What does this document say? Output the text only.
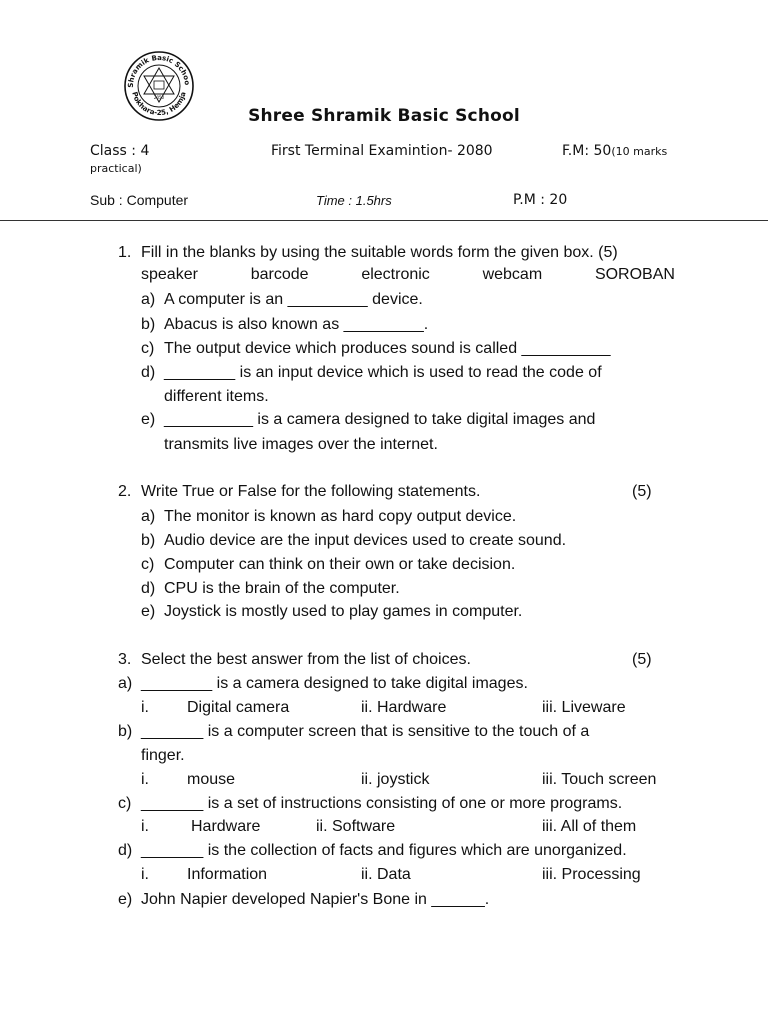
Shramik Basic Schoo
Pokhara-25, Hemja
2050
Shree Shramik Basic School
Class : 4	First Terminal Examintion- 2080	F.M: 50(10 marks
practical)
Sub : Computer	Time : 1.5hrs	P.M : 20
1. Fill in the blanks by using the suitable words form the given box. (5)
speaker	barcode	electronic	webcam	SOROBAN
a) A computer is an _________ device.
b) Abacus is also known as _________.
c) The output device which produces sound is called __________
d) ________ is an input device which is used to read the code of
different items.
e) __________ is a camera designed to take digital images and
transmits live images over the internet.
2. Write True or False for the following statements.	(5)
a) The monitor is known as hard copy output device.
b) Audio device are the input devices used to create sound.
c) Computer can think on their own or take decision.
d) CPU is the brain of the computer.
e) Joystick is mostly used to play games in computer.
3. Select the best answer from the list of choices.	(5)
a) ________ is a camera designed to take digital images.
i. Digital camera	ii. Hardware	iii. Liveware
b) _______ is a computer screen that is sensitive to the touch of a
finger.
i. mouse	ii. joystick	iii. Touch screen
c) _______ is a set of instructions consisting of one or more programs.
i.	Hardware	ii. Software	iii. All of them
d) _______ is the collection of facts and figures which are unorganized.
i. Information	ii. Data	iii. Processing
e) John Napier developed Napier's Bone in ______.
